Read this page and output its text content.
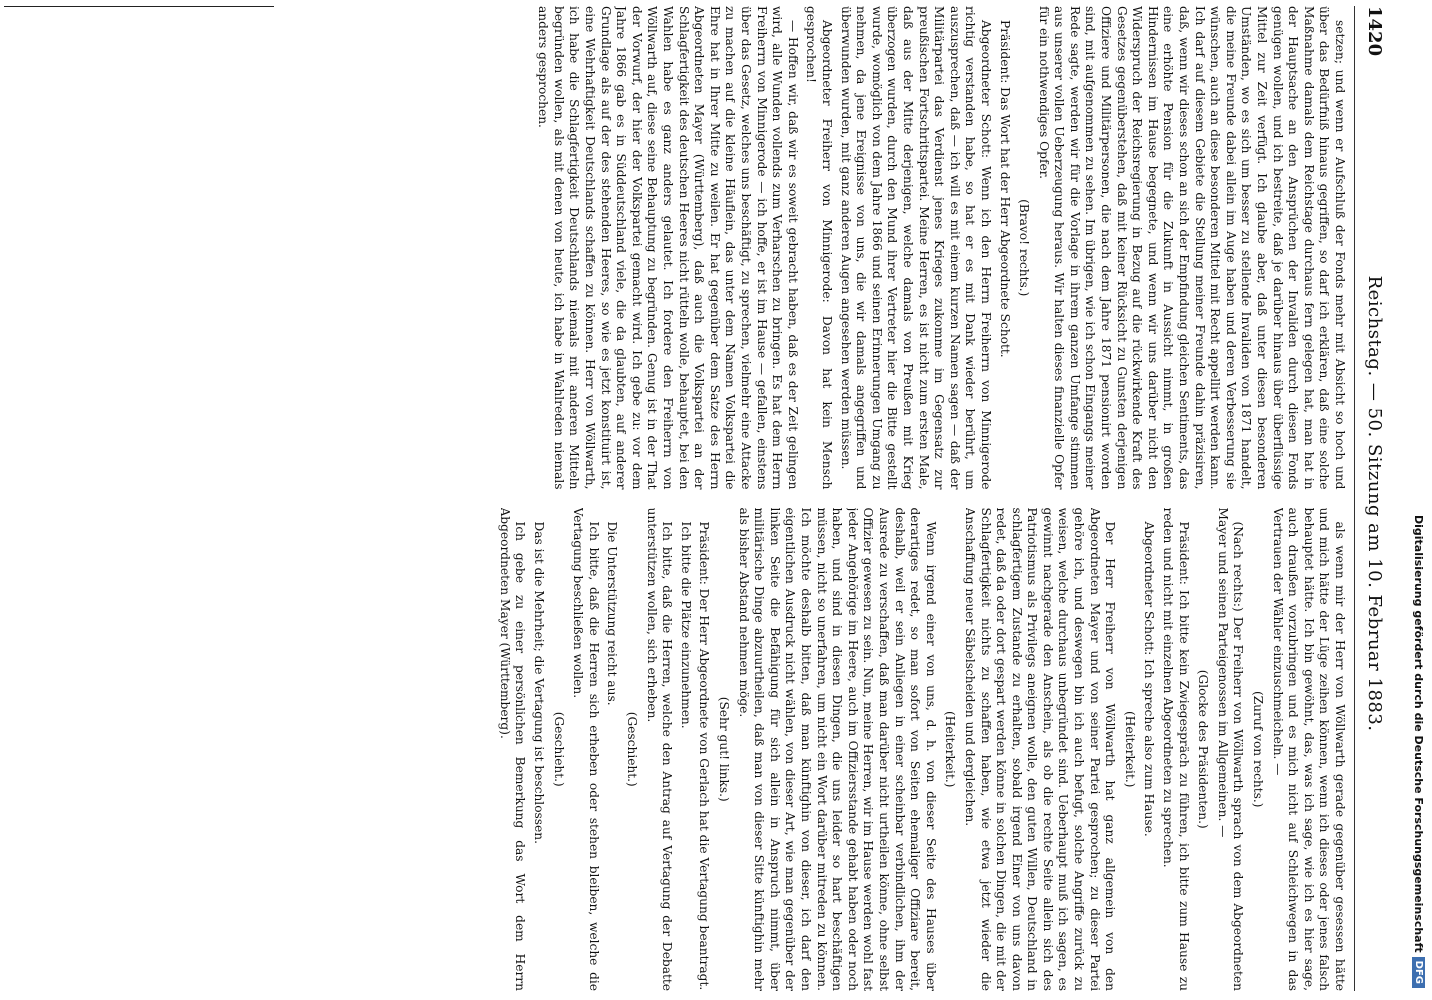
1420
Reichstag. — 50. Sitzung am 10. Februar 1883.

setzen; und wenn er Aufschluß der Fonds mehr mit Absicht so hoch und über das Bedürfniß hinaus gegriffen, so darf ich erklären, daß eine solche Maßnahme damals dem Reichstage durchaus fern gelegen hat, man hat in der Hauptsache an den Ansprüchen der Invaliden durch diesen Fonds genügen wollen, und ich bestreite, daß je darüber hinaus über überflüssige Mittel zur Zeit verfügt. Ich glaube aber, daß unter diesen besonderen Umständen, wo es sich um besser zu stellende Invaliden von 1871 handelt, die meine Freunde dabei allein im Auge haben und deren Verbesserung sie wünschen, auch an diese besonderen Mittel mit Recht appellirt werden kann. Ich darf auf diesem Gebiete die Stellung meiner Freunde dahin präzisiren, daß, wenn wir dieses schon an sich der Empfindung gleichen Sentiments, das eine erhöhte Pension für die Zukunft in Aussicht nimmt, in großen Hindernissen im Hause begegnete, und wenn wir uns darüber nicht den Widerspruch der Reichsregierung in Bezug auf die rückwirkende Kraft des Gesetzes gegenüberstehen, daß mit keiner Rücksicht zu Gunsten derjenigen Offiziere und Militärpersonen, die nach dem Jahre 1871 pensionirt worden sind, mit aufgenommen zu sehen. Im übrigen, wie ich schon Eingangs meiner Rede sagte, werden wir für die Vorlage in ihrem ganzen Umfange stimmen aus unserer vollen Ueberzeugung heraus. Wir halten dieses finanzielle Opfer für ein nothwendiges Opfer.

(Bravo! rechts.)

Präsident: Das Wort hat der Herr Abgeordnete Schott.

Abgeordneter Schott: Wenn ich den Herrn Freiherrn von Minnigerode richtig verstanden habe, so hat er es mit Dank wieder berührt, um auszusprechen, daß — ich will es mit einem kurzen Namen sagen — daß der Militärpartei das Verdienst jenes Krieges zukomme im Gegensatz zur preußischen Fortschrittspartei. Meine Herren, es ist nicht zum ersten Male, daß aus der Mitte derjenigen, welche damals von Preußen mit Krieg überzogen wurden, durch den Mund ihrer Vertreter hier die Bitte gestellt wurde, womöglich von dem Jahre 1866 und seinen Erinnerungen Umgang zu nehmen, da jene Ereignisse von uns, die wir damals angegriffen und überwunden wurden, mit ganz anderen Augen angesehen werden müssen.

Abgeordneter Freiherr von Minnigerode: Davon hat kein Mensch gesprochen!

— Hoffen wir, daß wir es soweit gebracht haben, daß es der Zeit gelingen wird, alle Wunden vollends zum Verharschen zu bringen. Es hat dem Herrn Freiherrn von Minnigerode — ich hoffe, er ist im Hause — gefallen, einstens über das Gesetz, welches uns beschäftigt, zu sprechen, vielmehr eine Attacke zu machen auf die kleine Häuflein, das unter dem Namen Volkspartei die Ehre hat in Ihrer Mitte zu weilen. Er hat gegenüber dem Satze des Herrn Abgeordneten Mayer (Württemberg), daß auch die Volkspartei an der Schlagfertigkeit des deutschen Heeres nicht rütteln wolle, behauptet, bei den Wahlen habe es ganz anders gelautet. Ich fordere den Freiherrn von Wöllwarth auf, diese seine Behauptung zu begründen. Genug ist in der That der Vorwurf, der hier der Volkspartei gemacht wird. Ich gebe zu: vor dem Jahre 1866 gab es in Süddeutschland viele, die da glaubten, auf anderer Grundlage als auf der des stehenden Heeres, so wie es jetzt konstituirt ist, eine Wehrhaftigkeit Deutschlands schaffen zu können. Herr von Wöllwarth, ich habe die Schlagfertigkeit Deutschlands niemals mit anderen Mitteln begründen wollen, als mit denen von heute, ich habe in Wahlreden niemals anders gesprochen.

als wenn mir der Herr von Wöllwarth gerade gegenüber gesessen hätte und mich hätte der Lüge zeihen können, wenn ich dieses oder jenes falsch behauptet hätte. Ich bin gewöhnt, das, was ich sage, wie ich es hier sage, auch draußen vorzubringen und es mich nicht auf Schleichwegen in das Vertrauen der Wähler einzuschmeicheln. —

(Zuruf von rechts.)

(Nach rechts:) Der Freiherr von Wöllwarth sprach von dem Abgeordneten Mayer und seinen Parteigenossen im Allgemeinen. —

(Glocke des Präsidenten.)

Präsident: Ich bitte kein Zwiegespräch zu führen, ich bitte zum Hause zu reden und nicht mit einzelnen Abgeordneten zu sprechen.

Abgeordneter Schott: Ich spreche also zum Hause.

(Heiterkeit.)

Der Herr Freiherr von Wöllwarth hat ganz allgemein von den Abgeordneten Mayer und von seiner Partei gesprochen; zu dieser Partei gehöre ich, und deswegen bin ich auch befugt, solche Angriffe zurück zu weisen, welche durchaus unbegründet sind. Ueberhaupt muß ich sagen, es gewinnt nachgerade den Anschein, als ob die rechte Seite allein sich des Patriotismus als Privilegs aneignen wolle, den guten Willen, Deutschland in schlagfertigem Zustande zu erhalten, sobald irgend Einer von uns davon redet, daß da oder dort gespart werden könne in solchen Dingen, die mit der Schlagfertigkeit nichts zu schaffen haben, wie etwa jetzt wieder die Anschaffung neuer Säbelscheiden und dergleichen.

(Heiterkeit.)

Wenn irgend einer von uns, d. h. von dieser Seite des Hauses über derartiges redet, so man sofort von Seiten ehemaliger Offiziare bereit, deshalb, weil er sein Anliegen in einer scheinbar verbindlichen, ihm der Ausrede zu verschaffen, daß man darüber nicht urtheilen könne, ohne selbst Offizier gewesen zu sein. Nun, meine Herren, wir im Hause werden wohl fast jeder Angehörige im Heere, auch im Offiziersstande gehabt haben oder noch haben, und sind in diesen Dingen, die uns leider so hart beschäftigen müssen, nicht so unerfahren, um nicht ein Wort darüber mitreden zu können. Ich möchte deshalb bitten, daß man künftighin von dieser, ich darf den eigentlichen Ausdruck nicht wählen, von dieser Art, wie man gegenüber der linken Seite die Befähigung für sich allein in Anspruch nimmt, über militärische Dinge abzuurtheilen, daß man von dieser Sitte künftighin mehr als bisher Abstand nehmen möge.

(Sehr gut! links.)

Präsident: Der Herr Abgeordnete von Gerlach hat die Vertagung beantragt.

Ich bitte die Plätze einzunehmen.

Ich bitte, daß die Herren, welche den Antrag auf Vertagung der Debatte unterstützen wollen, sich erheben.

(Geschieht.)

Die Unterstützung reicht aus.

Ich bitte, daß die Herren sich erheben oder stehen bleiben, welche die Vertagung beschließen wollen.

(Geschieht.)

Das ist die Mehrheit; die Vertagung ist beschlossen.

Ich gebe zu einer persönlichen Bemerkung das Wort dem Herrn Abgeordneten Mayer (Württemberg).	Digitalisierung gefördert durch die Deutsche Forschungsgemeinschaft
DFG
